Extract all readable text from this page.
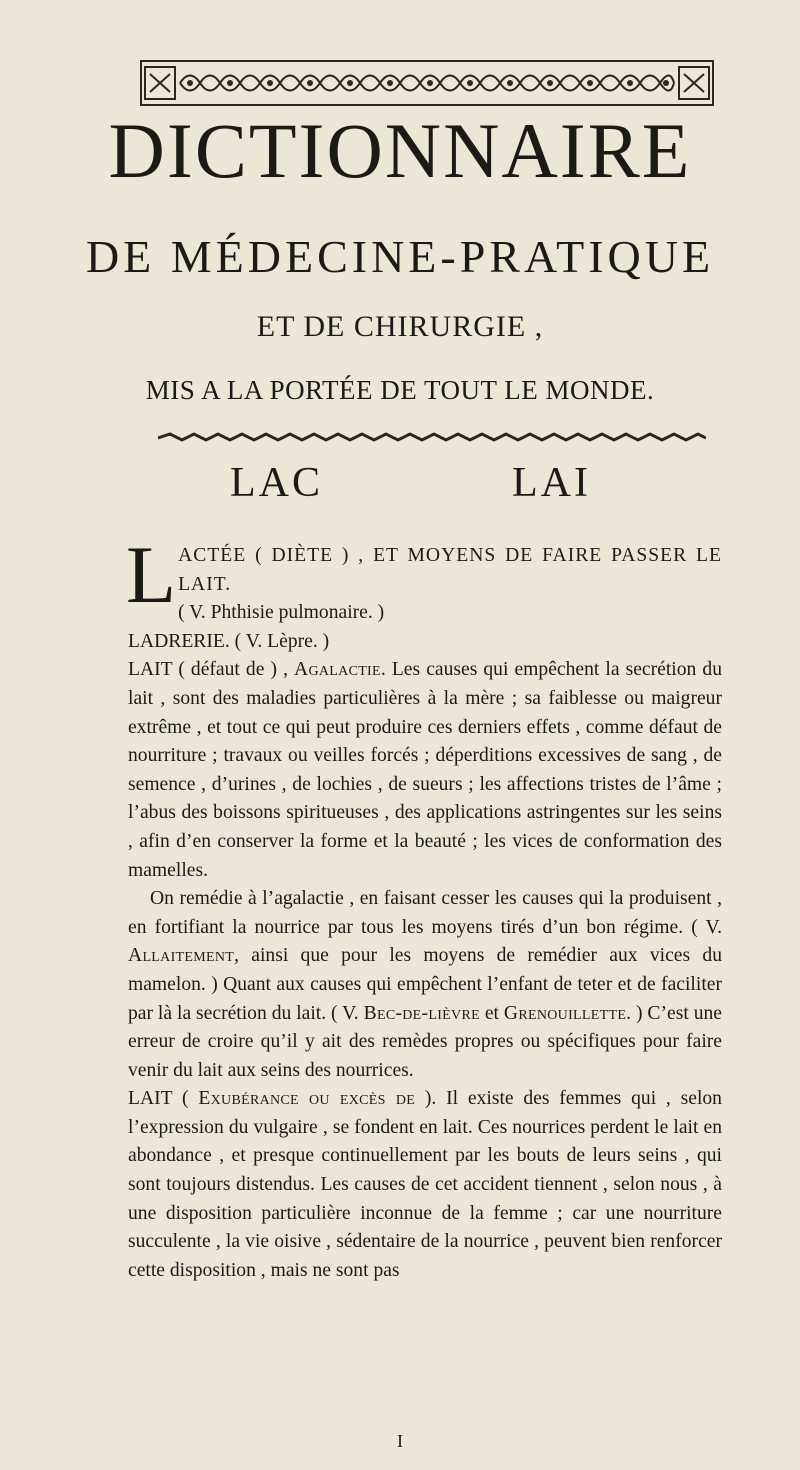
DICTIONNAIRE
DE MÉDECINE-PRATIQUE
ET DE CHIRURGIE ,
MIS A LA PORTÉE DE TOUT LE MONDE.
LAC	LAI

L ACTÉE ( DIÈTE ) , ET MOYENS DE FAIRE PASSER LE LAIT.

( V. Phthisie pulmonaire. )

LADRERIE. ( V. Lèpre. )

LAIT ( défaut de ) , Agalactie. Les causes qui empêchent la secrétion du lait , sont des maladies particulières à la mère ; sa faiblesse ou maigreur extrême , et tout ce qui peut produire ces derniers effets , comme défaut de nourriture ; travaux ou veilles forcés ; déperditions excessives de sang , de semence , d’urines , de lochies , de sueurs ; les affections tristes de l’âme ; l’abus des boissons spiritueuses , des applications astringentes sur les seins , afin d’en conserver la forme et la beauté ; les vices de conformation des mamelles.

On remédie à l’agalactie , en faisant cesser les causes qui la produisent , en fortifiant la nourrice par tous les moyens tirés d’un bon régime. ( V. Allaitement, ainsi que pour les moyens de remédier aux vices du mamelon. ) Quant aux causes qui empêchent l’enfant de teter et de faciliter par là la secrétion du lait. ( V. Bec-de-lièvre et Grenouillette. ) C’est une erreur de croire qu’il y ait des remèdes propres ou spécifiques pour faire venir du lait aux seins des nourrices.

LAIT ( Exubérance ou excès de ). Il existe des femmes qui , selon l’expression du vulgaire , se fondent en lait. Ces nourrices perdent le lait en abondance , et presque continuellement par les bouts de leurs seins , qui sont toujours distendus. Les causes de cet accident tiennent , selon nous , à une disposition particulière inconnue de la femme ; car une nourriture succulente , la vie oisive , sédentaire de la nourrice , peuvent bien renforcer cette disposition , mais ne sont pas

I
